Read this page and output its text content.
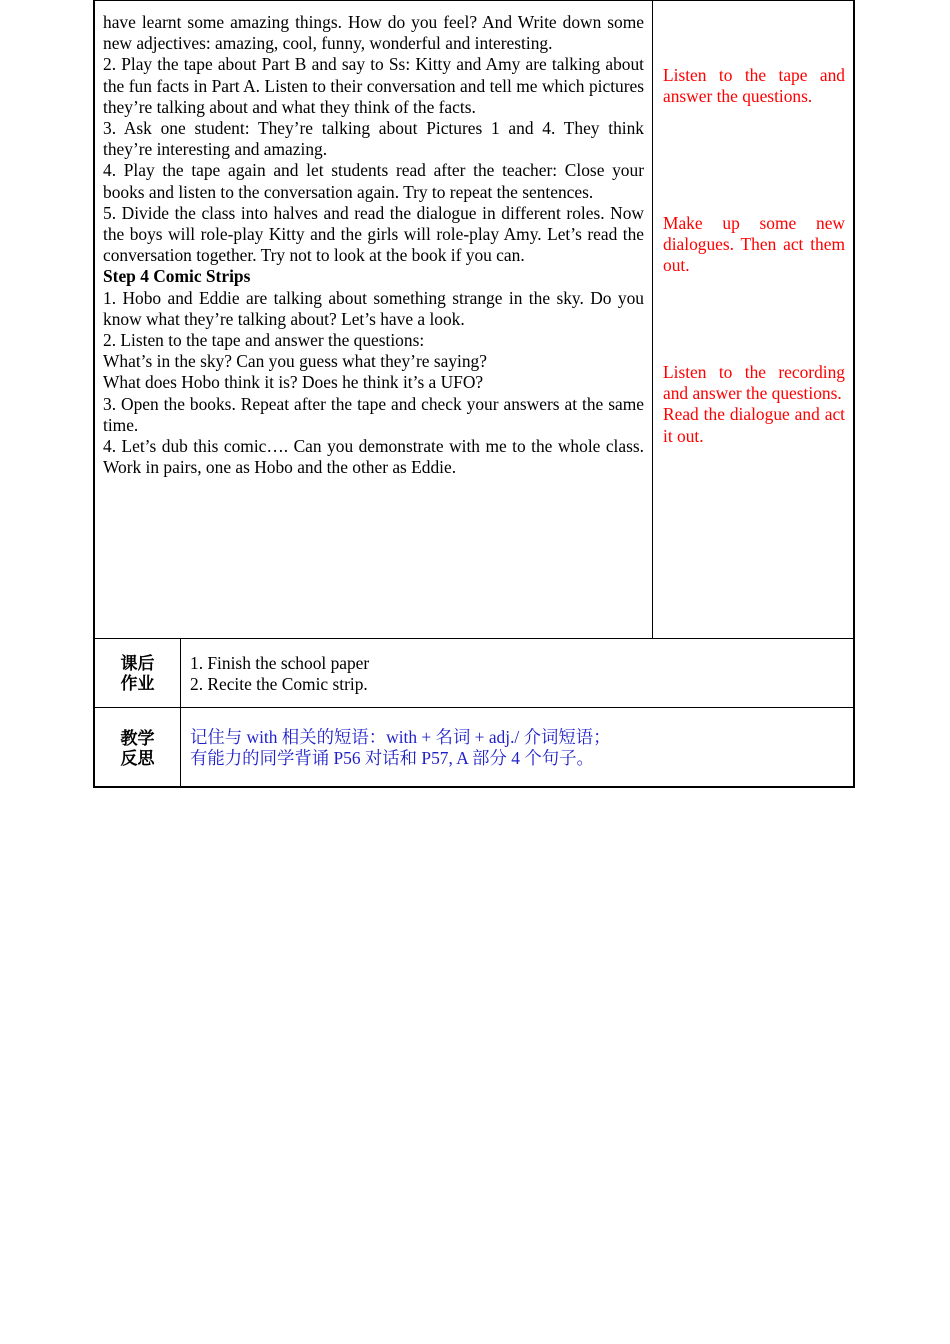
have learnt some amazing things. How do you feel? And Write down some new adjectives: amazing, cool, funny, wonderful and interesting.

2. Play the tape about Part B and say to Ss: Kitty and Amy are talking about the fun facts in Part A. Listen to their conversation and tell me which pictures they’re talking about and what they think of the facts.

3. Ask one student: They’re talking about Pictures 1 and 4. They think they’re interesting and amazing.

4. Play the tape again and let students read after the teacher: Close your books and listen to the conversation again. Try to repeat the sentences.

5. Divide the class into halves and read the dialogue in different roles. Now the boys will role-play Kitty and the girls will role-play Amy. Let’s read the conversation together. Try not to look at the book if you can.

Step 4 Comic Strips

1. Hobo and Eddie are talking about something strange in the sky. Do you know what they’re talking about? Let’s have a look.

2. Listen to the tape and answer the questions:

What’s in the sky? Can you guess what they’re saying?

What does Hobo think it is? Does he think it’s a UFO?

3. Open the books. Repeat after the tape and check your answers at the same time.

4. Let’s dub this comic…. Can you demonstrate with me to the whole class. Work in pairs, one as Hobo and the other as Eddie.

Listen to the tape and answer the questions.

Make up some new dialogues. Then act them out.

Listen to the recording and answer the questions.

Read the dialogue and act it out.

课后
作业

1. Finish the school paper

2. Recite the Comic strip.

教学
反思

记住与 with 相关的短语：with + 名词 + adj./ 介词短语；

有能力的同学背诵 P56 对话和 P57, A 部分 4 个句子。
